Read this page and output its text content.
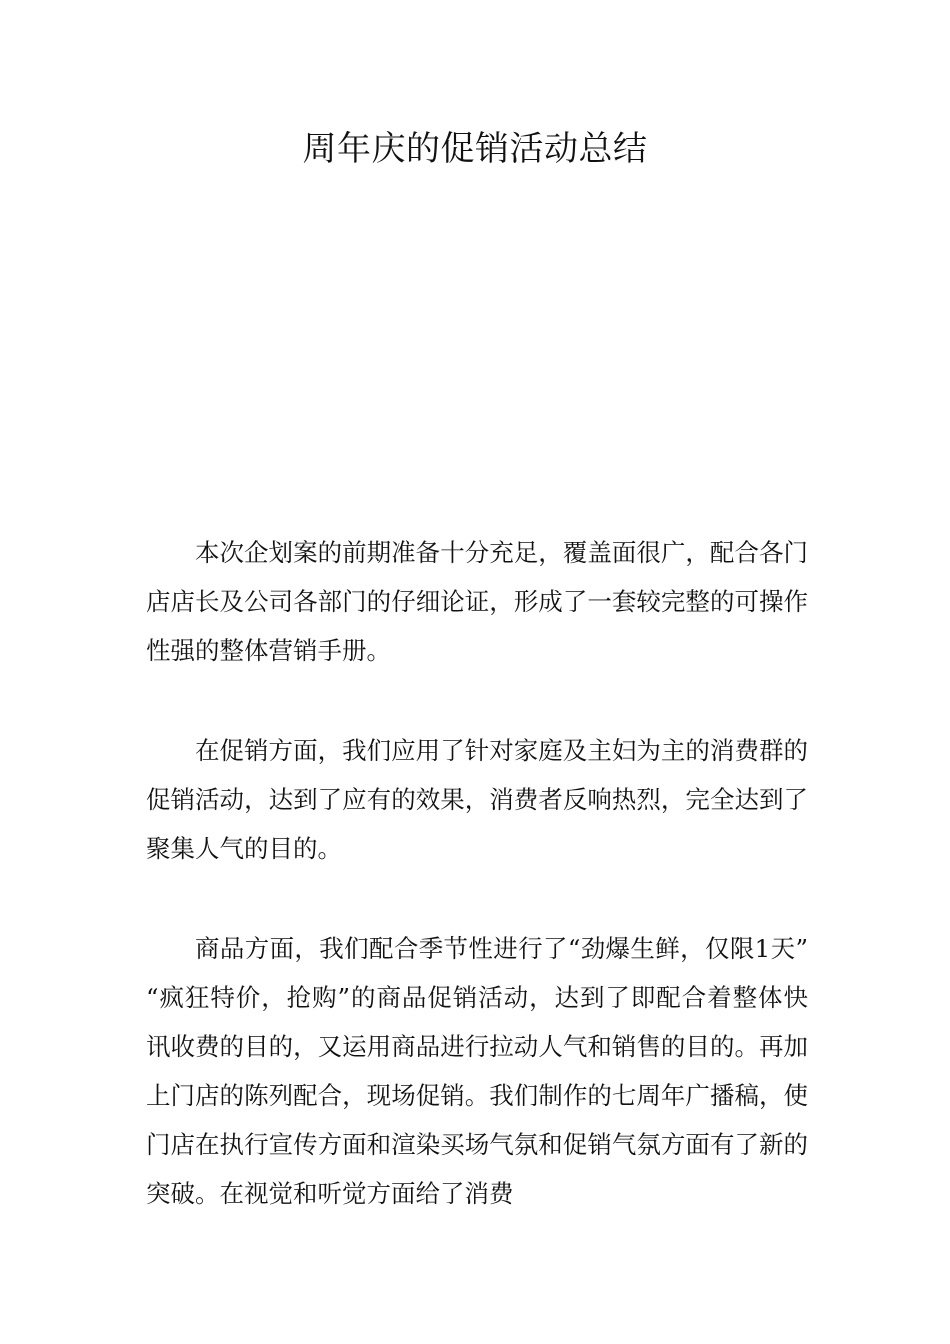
周年庆的促销活动总结

本次企划案的前期准备十分充足，覆盖面很广，配合各门店店长及公司各部门的仔细论证，形成了一套较完整的可操作性强的整体营销手册。

在促销方面，我们应用了针对家庭及主妇为主的消费群的促销活动，达到了应有的效果，消费者反响热烈，完全达到了聚集人气的目的。

商品方面，我们配合季节性进行了“劲爆生鲜，仅限1天”“疯狂特价，抢购”的商品促销活动，达到了即配合着整体快讯收费的目的，又运用商品进行拉动人气和销售的目的。再加上门店的陈列配合，现场促销。我们制作的七周年广播稿，使门店在执行宣传方面和渲染买场气氛和促销气氛方面有了新的突破。在视觉和听觉方面给了消费
